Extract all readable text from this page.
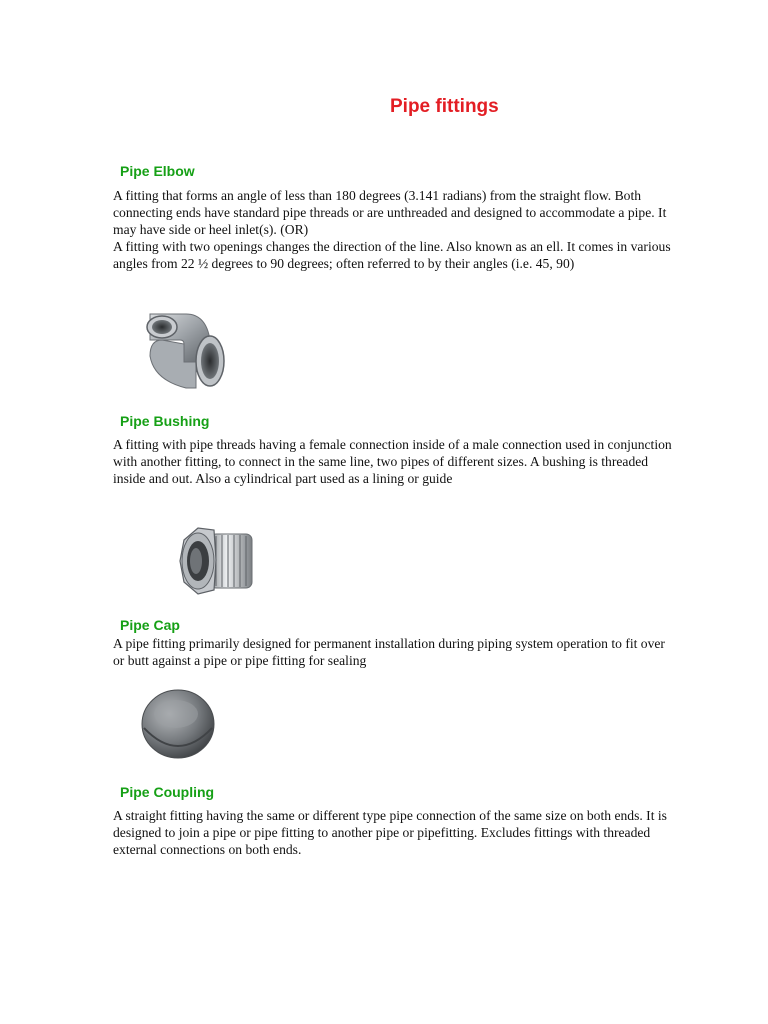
Pipe fittings
Pipe Elbow

A fitting that forms an angle of less than 180 degrees (3.141 radians) from the straight flow. Both connecting ends have standard pipe threads or are unthreaded and designed to accommodate a pipe. It may have side or heel inlet(s). (OR)

A fitting with two openings changes the direction of the line. Also known as an ell. It comes in various angles from 22 ½ degrees to 90 degrees; often referred to by their angles (i.e. 45, 90)

Pipe Bushing

A fitting with pipe threads having a female connection inside of a male connection used in conjunction with another fitting, to connect in the same line, two pipes of different sizes. A bushing is threaded inside and out. Also a cylindrical part used as a lining or guide

Pipe Cap

A pipe fitting primarily designed for permanent installation during piping system operation to fit over or butt against a pipe or pipe fitting for sealing

Pipe Coupling

A straight fitting having the same or different type pipe connection of the same size on both ends. It is designed to join a pipe or pipe fitting to another pipe or pipefitting. Excludes fittings with threaded external connections on both ends.
